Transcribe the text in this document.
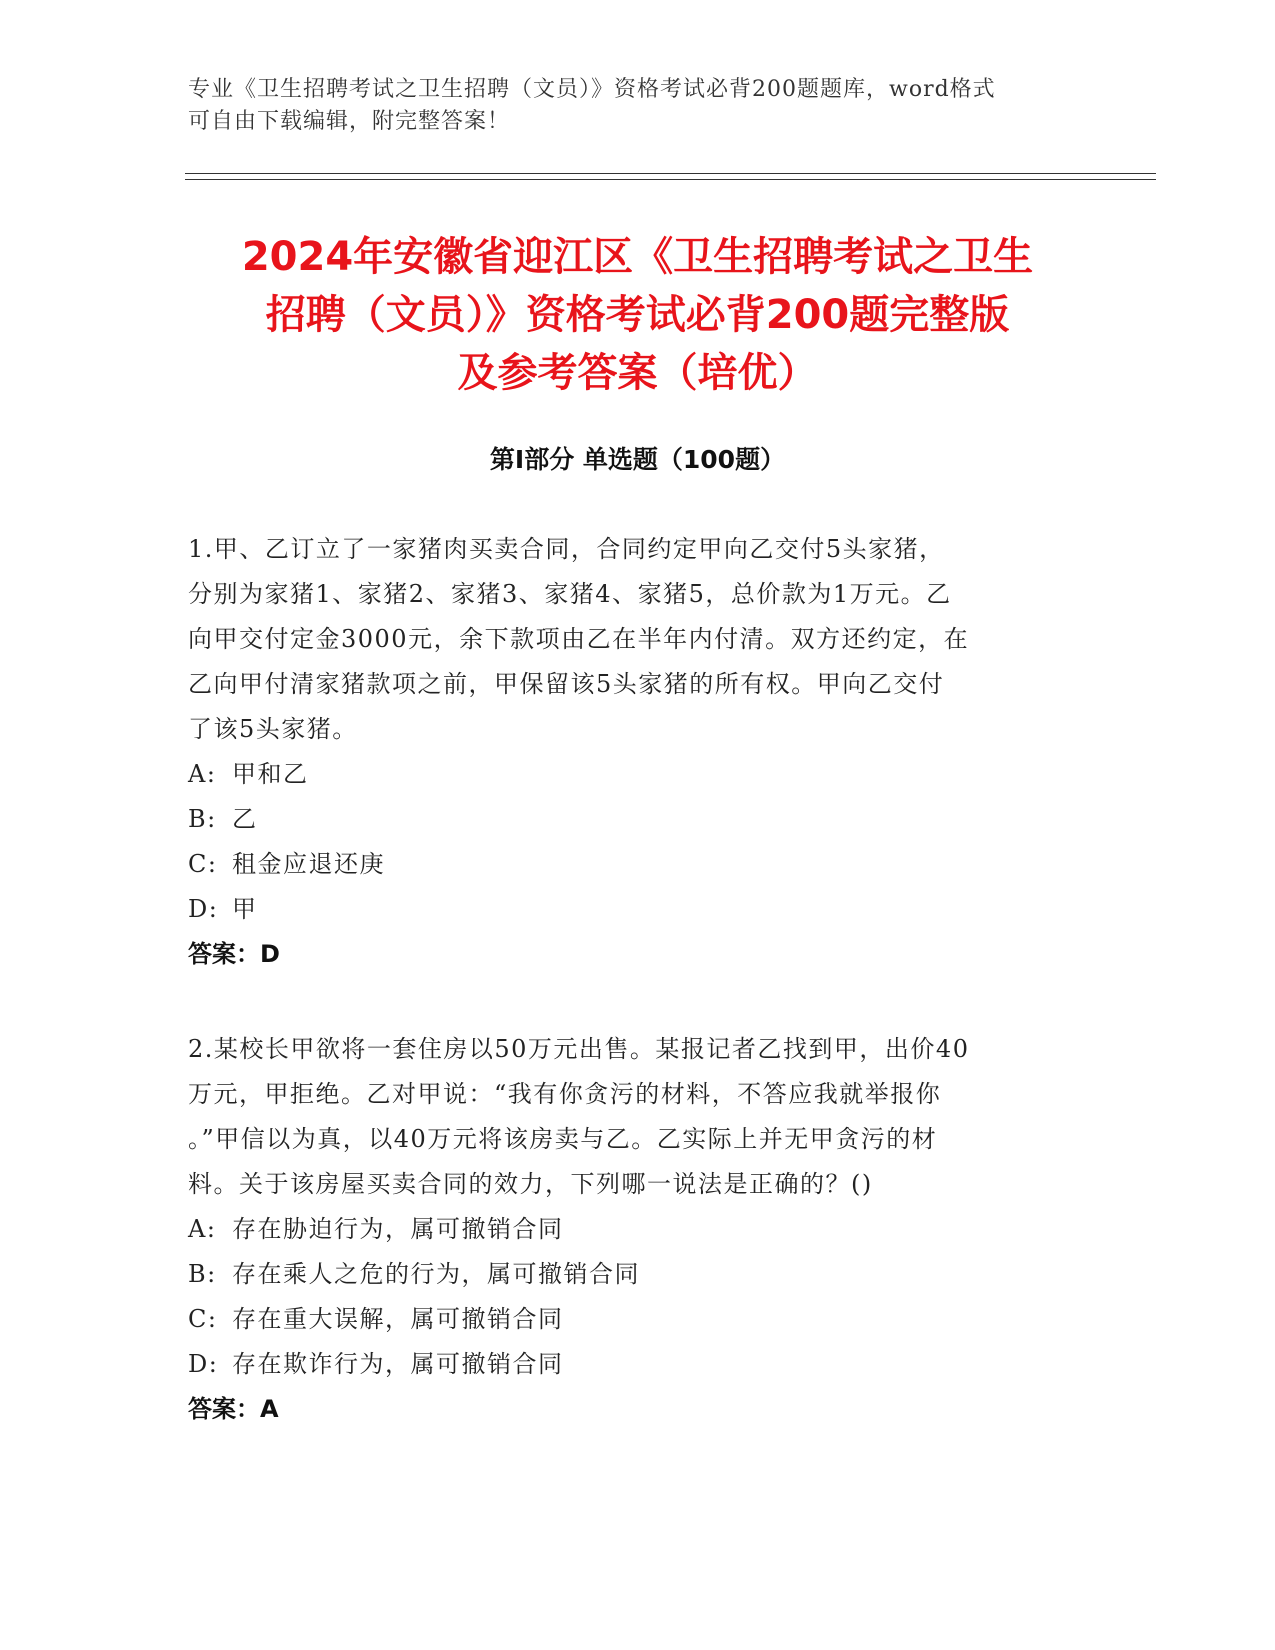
专业《卫生招聘考试之卫生招聘（文员）》资格考试必背200题题库，word格式
可自由下载编辑，附完整答案！
2024年安徽省迎江区《卫生招聘考试之卫生
招聘（文员）》资格考试必背200题完整版
及参考答案（培优）
第Ⅰ部分 单选题（100题）
1.甲、乙订立了一家猪肉买卖合同，合同约定甲向乙交付5头家猪，
分别为家猪1、家猪2、家猪3、家猪4、家猪5，总价款为1万元。乙
向甲交付定金3000元，余下款项由乙在半年内付清。双方还约定，在
乙向甲付清家猪款项之前，甲保留该5头家猪的所有权。甲向乙交付
了该5头家猪。
A: 甲和乙
B: 乙
C: 租金应退还庚
D: 甲
答案：D
2.某校长甲欲将一套住房以50万元出售。某报记者乙找到甲，出价40
万元，甲拒绝。乙对甲说：“我有你贪污的材料，不答应我就举报你
。”甲信以为真，以40万元将该房卖与乙。乙实际上并无甲贪污的材
料。关于该房屋买卖合同的效力，下列哪一说法是正确的？()
A: 存在胁迫行为，属可撤销合同
B: 存在乘人之危的行为，属可撤销合同
C: 存在重大误解，属可撤销合同
D: 存在欺诈行为，属可撤销合同
答案：A
